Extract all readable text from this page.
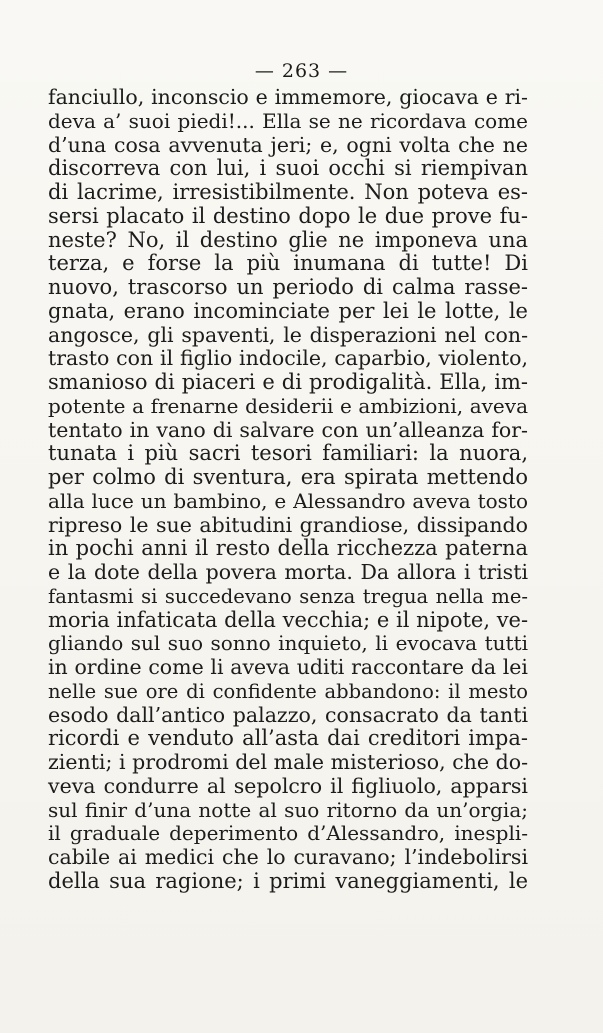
— 263 —
fanciullo, inconscio e immemore, giocava e ri-
deva a’ suoi piedi!... Ella se ne ricordava come
d’una cosa avvenuta jeri; e, ogni volta che ne
discorreva con lui, i suoi occhi si riempivan
di lacrime, irresistibilmente. Non poteva es-
sersi placato il destino dopo le due prove fu-
neste? No, il destino glie ne imponeva una
terza, e forse la più inumana di tutte! Di
nuovo, trascorso un periodo di calma rasse-
gnata, erano incominciate per lei le lotte, le
angosce, gli spaventi, le disperazioni nel con-
trasto con il figlio indocile, caparbio, violento,
smanioso di piaceri e di prodigalità. Ella, im-
potente a frenarne desiderii e ambizioni, aveva
tentato in vano di salvare con un’alleanza for-
tunata i più sacri tesori familiari: la nuora,
per colmo di sventura, era spirata mettendo
alla luce un bambino, e Alessandro aveva tosto
ripreso le sue abitudini grandiose, dissipando
in pochi anni il resto della ricchezza paterna
e la dote della povera morta. Da allora i tristi
fantasmi si succedevano senza tregua nella me-
moria infaticata della vecchia; e il nipote, ve-
gliando sul suo sonno inquieto, li evocava tutti
in ordine come li aveva uditi raccontare da lei
nelle sue ore di confidente abbandono: il mesto
esodo dall’antico palazzo, consacrato da tanti
ricordi e venduto all’asta dai creditori impa-
zienti; i prodromi del male misterioso, che do-
veva condurre al sepolcro il figliuolo, apparsi
sul finir d’una notte al suo ritorno da un’orgia;
il graduale deperimento d’Alessandro, inespli-
cabile ai medici che lo curavano; l’indebolirsi
della sua ragione; i primi vaneggiamenti, le
